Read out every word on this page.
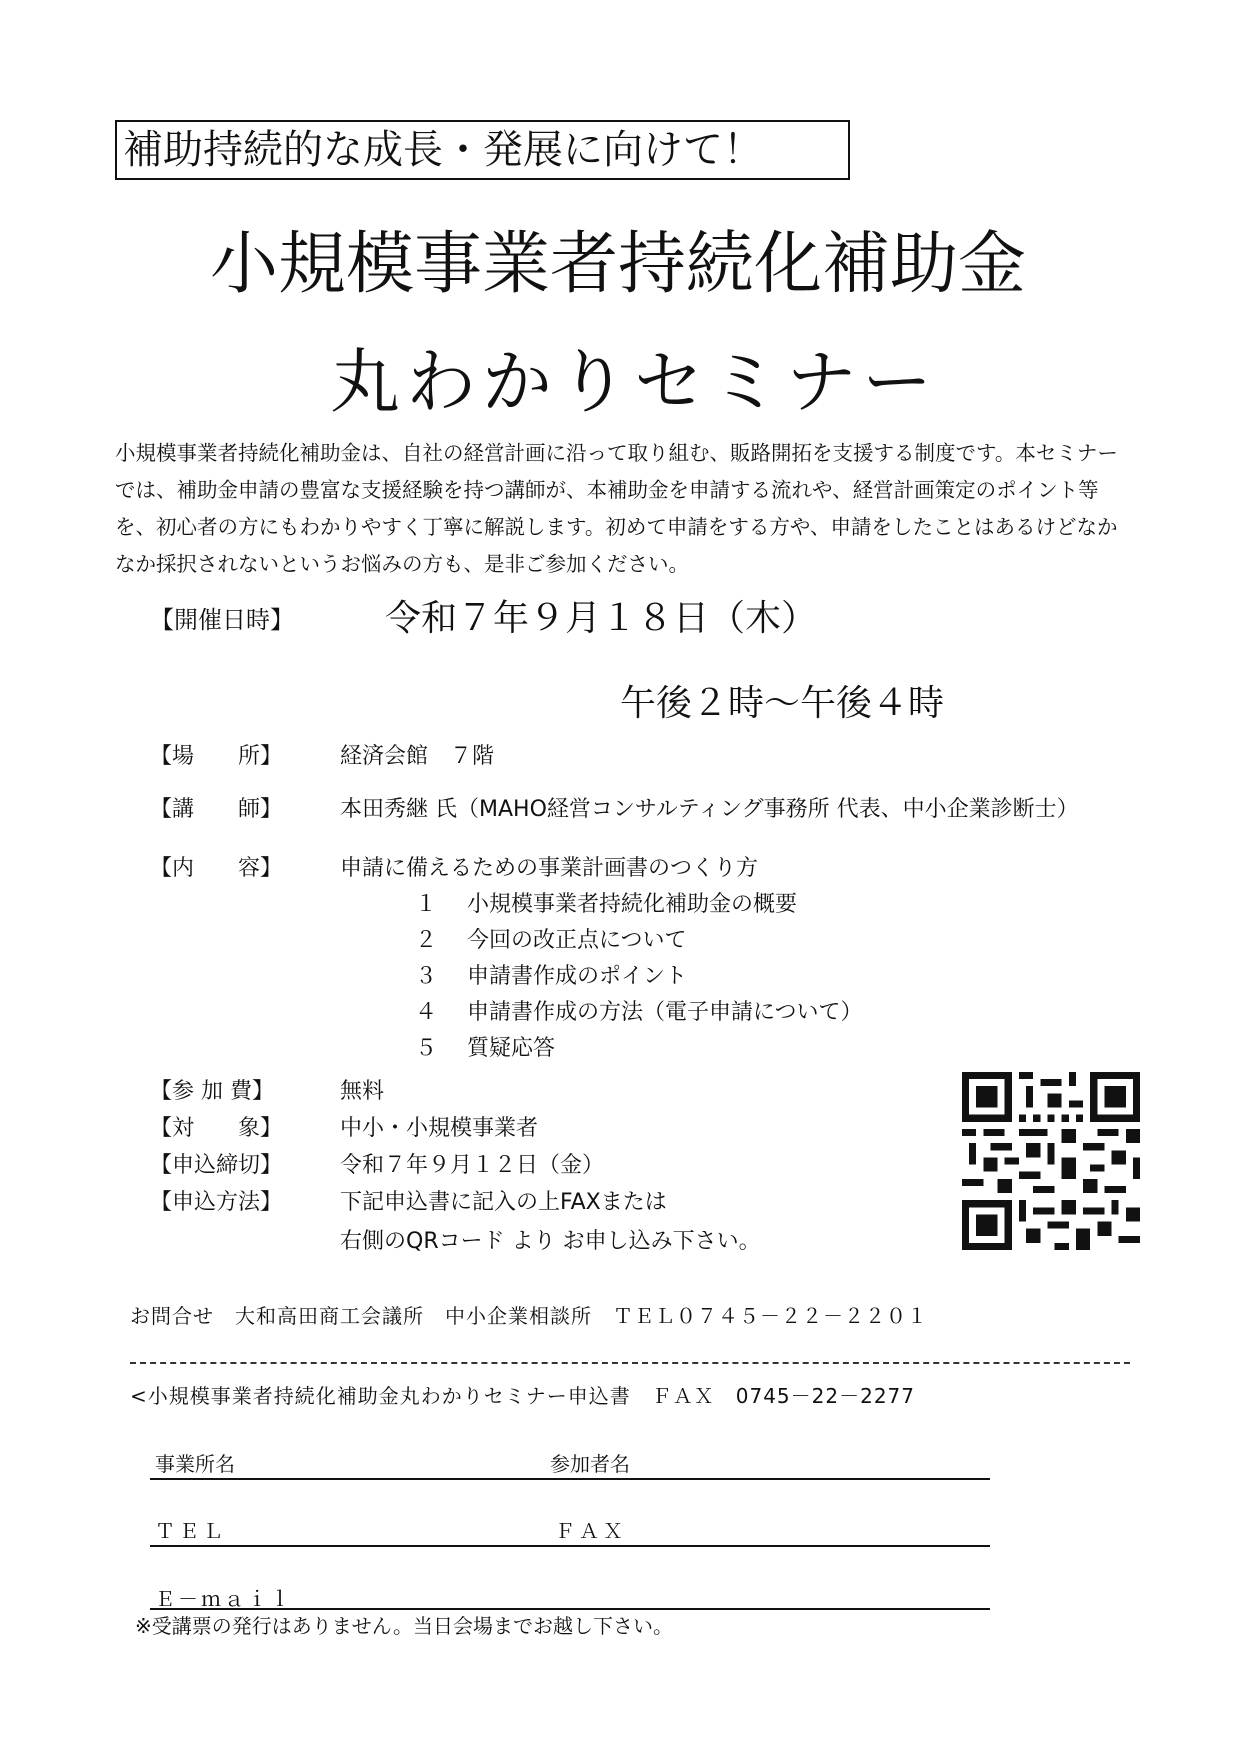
補助持続的な成長・発展に向けて！
小規模事業者持続化補助金
丸わかりセミナー
小規模事業者持続化補助金は、自社の経営計画に沿って取り組む、販路開拓を支援する制度です。本セミナーでは、補助金申請の豊富な支援経験を持つ講師が、本補助金を申請する流れや、経営計画策定のポイント等を、初心者の方にもわかりやすく丁寧に解説します。初めて申請をする方や、申請をしたことはあるけどなかなか採択されないというお悩みの方も、是非ご参加ください。
【開催日時】	令和７年９月１８日（木）
午後２時～午後４時
【場　　所】	経済会館　７階
【講　　師】	本田秀継 氏（MAHO経営コンサルティング事務所 代表、中小企業診断士）
【内　　容】	申請に備えるための事業計画書のつくり方
１ 小規模事業者持続化補助金の概要
２ 今回の改正点について
３ 申請書作成のポイント
４ 申請書作成の方法（電子申請について）
５ 質疑応答
【参 加 費】	無料
【対　　象】	中小・小規模事業者
【申込締切】	令和７年９月１２日（金）
【申込方法】	下記申込書に記入の上FAXまたは
右側のQRコード より お申し込み下さい。
お問合せ　大和高田商工会議所　中小企業相談所　ＴＥＬ０７４５－２２－２２０１
<小規模事業者持続化補助金丸わかりセミナー申込書　ＦＡＸ　0745－22－2277
事業所名	参加者名
ＴＥＬ	ＦＡＸ
Ｅ－ｍａｉｌ
※受講票の発行はありません。当日会場までお越し下さい。
